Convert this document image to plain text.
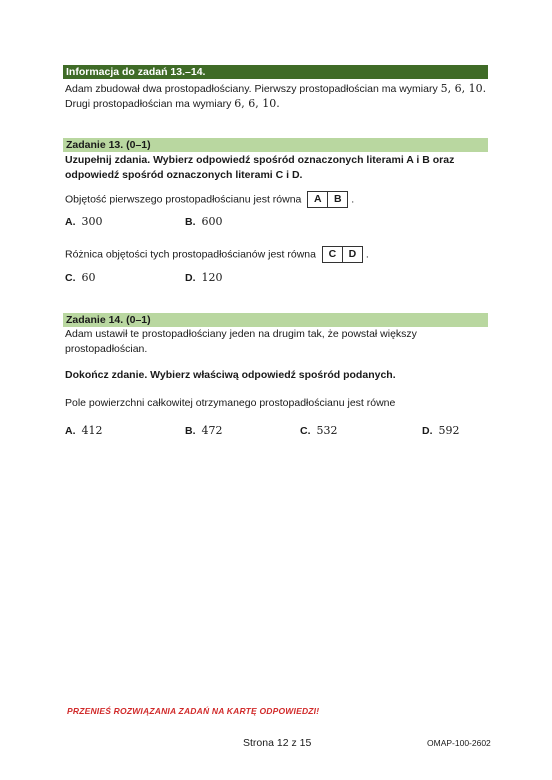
Informacja do zadań 13.–14.
Adam zbudował dwa prostopadłościany. Pierwszy prostopadłościan ma wymiary 5, 6, 10.
Drugi prostopadłościan ma wymiary 6, 6, 10.
Zadanie 13. (0–1)
Uzupełnij zdania. Wybierz odpowiedź spośród oznaczonych literami A i B oraz
odpowiedź spośród oznaczonych literami C i D.
Objętość pierwszego prostopadłościanu jest równa	A	B .
A. 300	B. 600
Różnica objętości tych prostopadłościanów jest równa	C	D .
C. 60	D. 120
Zadanie 14. (0–1)
Adam ustawił te prostopadłościany jeden na drugim tak, że powstał większy
prostopadłościan.
Dokończ zdanie. Wybierz właściwą odpowiedź spośród podanych.
Pole powierzchni całkowitej otrzymanego prostopadłościanu jest równe
A. 412	B. 472	C. 532	D. 592
PRZENIEŚ ROZWIĄZANIA ZADAŃ NA KARTĘ ODPOWIEDZI!
Strona 12 z 15	OMAP-100-2602
